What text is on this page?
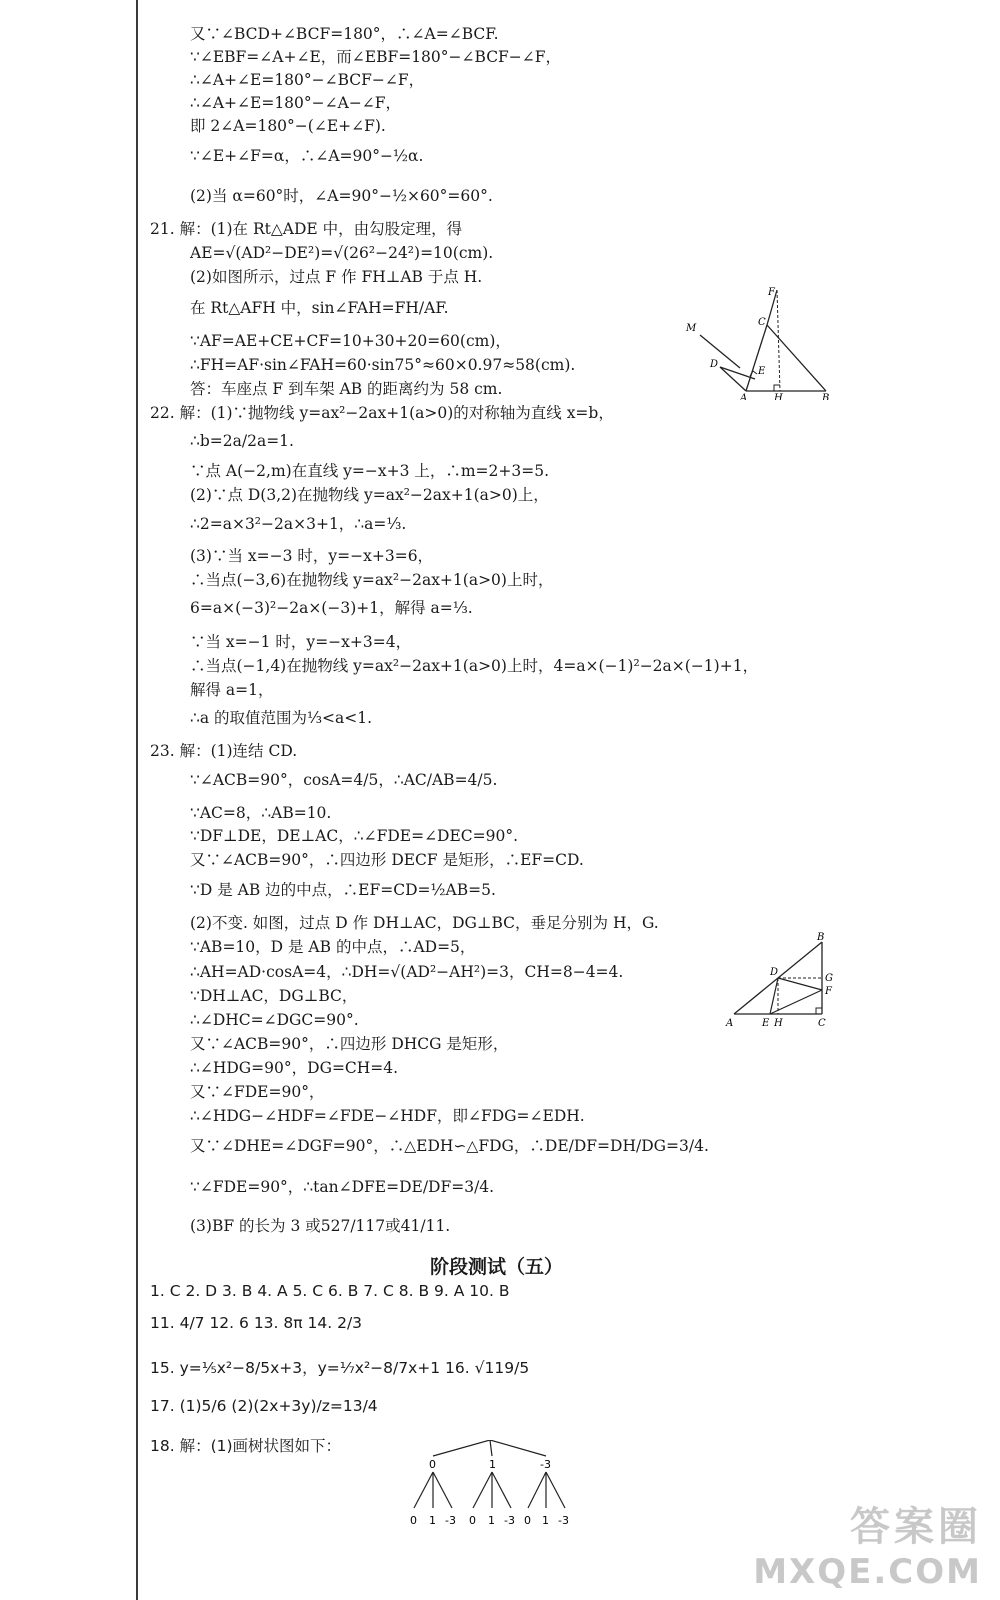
又∵∠BCD+∠BCF=180°，∴∠A=∠BCF.
∵∠EBF=∠A+∠E，而∠EBF=180°−∠BCF−∠F，
∴∠A+∠E=180°−∠BCF−∠F，
∴∠A+∠E=180°−∠A−∠F，
即 2∠A=180°−(∠E+∠F).
∵∠E+∠F=α，∴∠A=90°−½α.
(2)当 α=60°时，∠A=90°−½×60°=60°.
21. 解：(1)在 Rt△ADE 中，由勾股定理，得
AE=√(AD²−DE²)=√(26²−24²)=10(cm).
(2)如图所示，过点 F 作 FH⊥AB 于点 H.
在 Rt△AFH 中，sin∠FAH=FH/AF.
∵AF=AE+CE+CF=10+30+20=60(cm)，
∴FH=AF·sin∠FAH=60·sin75°≈60×0.97≈58(cm).
答：车座点 F 到车架 AB 的距离约为 58 cm.
22. 解：(1)∵抛物线 y=ax²−2ax+1(a>0)的对称轴为直线 x=b，
∴b=2a/2a=1.
∵点 A(−2,m)在直线 y=−x+3 上，∴m=2+3=5.
(2)∵点 D(3,2)在抛物线 y=ax²−2ax+1(a>0)上，
∴2=a×3²−2a×3+1，∴a=⅓.
(3)∵当 x=−3 时，y=−x+3=6，
∴当点(−3,6)在抛物线 y=ax²−2ax+1(a>0)上时，
6=a×(−3)²−2a×(−3)+1，解得 a=⅓.
∵当 x=−1 时，y=−x+3=4，
∴当点(−1,4)在抛物线 y=ax²−2ax+1(a>0)上时，4=a×(−1)²−2a×(−1)+1，
解得 a=1，
∴a 的取值范围为⅓<a<1.
23. 解：(1)连结 CD.
∵∠ACB=90°，cosA=4/5，∴AC/AB=4/5.
∵AC=8，∴AB=10.
∵DF⊥DE，DE⊥AC，∴∠FDE=∠DEC=90°.
又∵∠ACB=90°，∴四边形 DECF 是矩形，∴EF=CD.
∵D 是 AB 边的中点，∴EF=CD=½AB=5.
(2)不变. 如图，过点 D 作 DH⊥AC，DG⊥BC，垂足分别为 H，G.
∵AB=10，D 是 AB 的中点，∴AD=5，
∴AH=AD·cosA=4，∴DH=√(AD²−AH²)=3，CH=8−4=4.
∵DH⊥AC，DG⊥BC，
∴∠DHC=∠DGC=90°.
又∵∠ACB=90°，∴四边形 DHCG 是矩形，
∴∠HDG=90°，DG=CH=4.
又∵∠FDE=90°，
∴∠HDG−∠HDF=∠FDE−∠HDF，即∠FDG=∠EDH.
又∵∠DHE=∠DGF=90°，∴△EDH∽△FDG，∴DE/DF=DH/DG=3/4.
∵∠FDE=90°，∴tan∠DFE=DE/DF=3/4.
(3)BF 的长为 3 或527/117或41/11.
阶段测试（五）
1. C 2. D 3. B 4. A 5. C 6. B 7. C 8. B 9. A 10. B
11. 4/7 12. 6 13. 8π 14. 2/3
15. y=⅕x²−8/5x+3，y=⅐x²−8/7x+1 16. √119/5
17. (1)5/6 (2)(2x+3y)/z=13/4
18. 解：(1)画树状图如下：
F
C
M
D
E
A	H	B
B
D
G
F
A	E H	C
0	1	-3
0 1 -3 0 1 -3 0 1 -3	答案圈
MXQE.COM
